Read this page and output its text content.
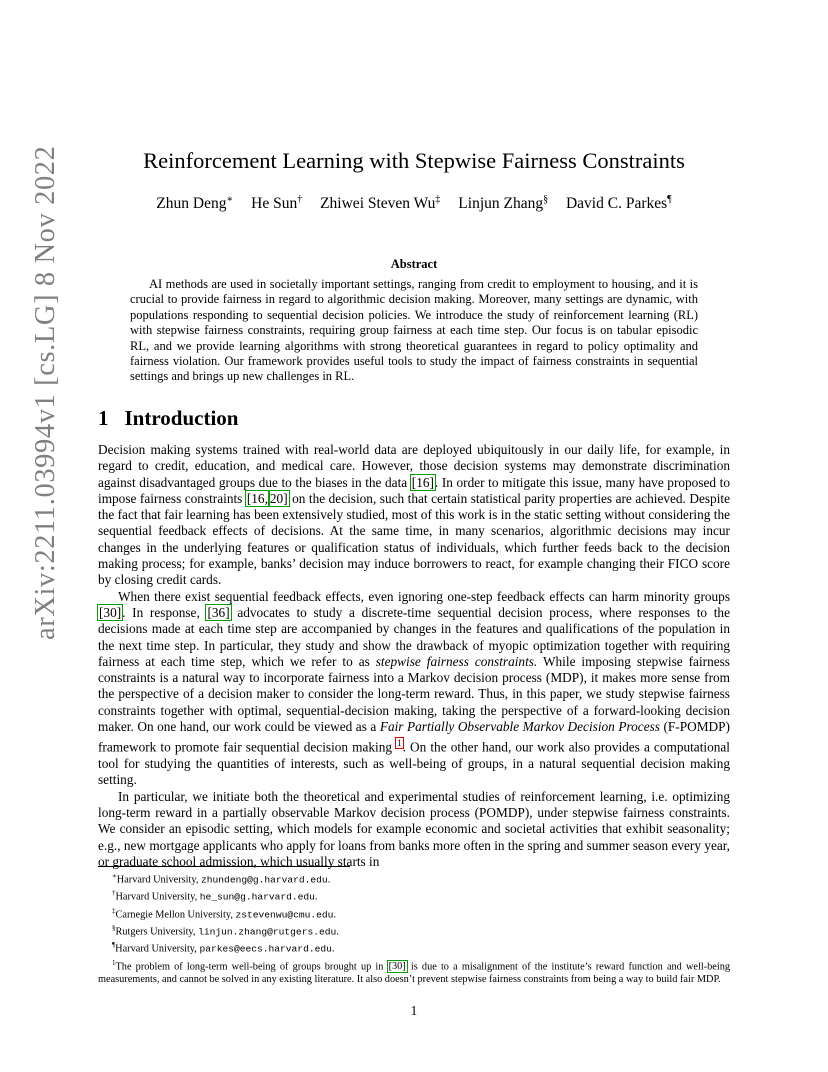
arXiv:2211.03994v1 [cs.LG] 8 Nov 2022	Reinforcement Learning with Stepwise Fairness Constraints
Zhun Deng∗ He Sun† Zhiwei Steven Wu‡ Linjun Zhang§ David C. Parkes¶
Abstract

AI methods are used in societally important settings, ranging from credit to employment to housing, and it is crucial to provide fairness in regard to algorithmic decision making. Moreover, many settings are dynamic, with populations responding to sequential decision policies. We introduce the study of reinforcement learning (RL) with stepwise fairness constraints, requiring group fairness at each time step. Our focus is on tabular episodic RL, and we provide learning algorithms with strong theoretical guarantees in regard to policy optimality and fairness violation. Our framework provides useful tools to study the impact of fairness constraints in sequential settings and brings up new challenges in RL.

1 Introduction

Decision making systems trained with real-world data are deployed ubiquitously in our daily life, for example, in regard to credit, education, and medical care. However, those decision systems may demonstrate discrimination against disadvantaged groups due to the biases in the data [16]. In order to mitigate this issue, many have proposed to impose fairness constraints [16, 20] on the decision, such that certain statistical parity properties are achieved. Despite the fact that fair learning has been extensively studied, most of this work is in the static setting without considering the sequential feedback effects of decisions. At the same time, in many scenarios, algorithmic decisions may incur changes in the underlying features or qualification status of individuals, which further feeds back to the decision making process; for example, banks’ decision may induce borrowers to react, for example changing their FICO score by closing credit cards.

When there exist sequential feedback effects, even ignoring one-step feedback effects can harm minority groups [30]. In response, [36] advocates to study a discrete-time sequential decision process, where responses to the decisions made at each time step are accompanied by changes in the features and qualifications of the population in the next time step. In particular, they study and show the drawback of myopic optimization together with requiring fairness at each time step, which we refer to as stepwise fairness constraints. While imposing stepwise fairness constraints is a natural way to incorporate fairness into a Markov decision process (MDP), it makes more sense from the perspective of a decision maker to consider the long-term reward. Thus, in this paper, we study stepwise fairness constraints together with optimal, sequential-decision making, taking the perspective of a forward-looking decision maker. On one hand, our work could be viewed as a Fair Partially Observable Markov Decision Process (F-POMDP) framework to promote fair sequential decision making $^1$. On the other hand, our work also provides a computational tool for studying the quantities of interests, such as well-being of groups, in a natural sequential decision making setting.

In particular, we initiate both the theoretical and experimental studies of reinforcement learning, i.e. optimizing long-term reward in a partially observable Markov decision process (POMDP), under stepwise fairness constraints. We consider an episodic setting, which models for example economic and societal activities that exhibit seasonality; e.g., new mortgage applicants who apply for loans from banks more often in the spring and summer season every year, or graduate school admission, which usually starts in

∗Harvard University, zhundeng@g.harvard.edu.

†Harvard University, he_sun@g.harvard.edu.

‡Carnegie Mellon University, zstevenwu@cmu.edu.

§Rutgers University, linjun.zhang@rutgers.edu.

¶Harvard University, parkes@eecs.harvard.edu.

$^1$The problem of long-term well-being of groups brought up in [30] is due to a misalignment of the institute’s reward function and well-being measurements, and cannot be solved in any existing literature. It also doesn’t prevent stepwise fairness constraints from being a way to build fair MDP.

1
